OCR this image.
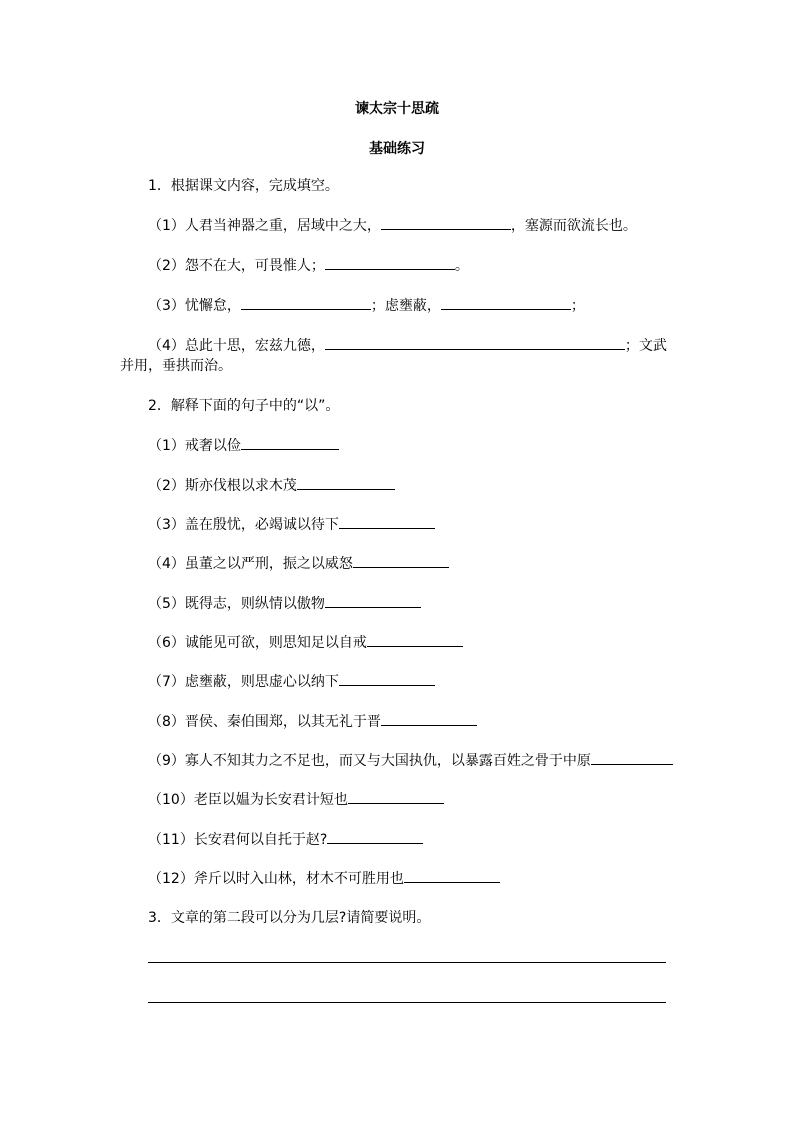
谏太宗十思疏
基础练习
1．根据课文内容，完成填空。
（1）人君当神器之重，居域中之大，	，塞源而欲流长也。
（2）怨不在大，可畏惟人；	。
（3）忧懈怠，	；虑壅蔽，	；
（4）总此十思，宏兹九德，	；文武
并用，垂拱而治。
2．解释下面的句子中的“以”。
（1）戒奢以俭
（2）斯亦伐根以求木茂
（3）盖在殷忧，必竭诚以待下
（4）虽董之以严刑，振之以威怒
（5）既得志，则纵情以傲物
（6）诚能见可欲，则思知足以自戒
（7）虑壅蔽，则思虚心以纳下
（8）晋侯、秦伯围郑，以其无礼于晋
（9）寡人不知其力之不足也，而又与大国执仇，以暴露百姓之骨于中原
（10）老臣以媪为长安君计短也
（11）长安君何以自托于赵?
（12）斧斤以时入山林，材木不可胜用也
3．文章的第二段可以分为几层?请简要说明。
